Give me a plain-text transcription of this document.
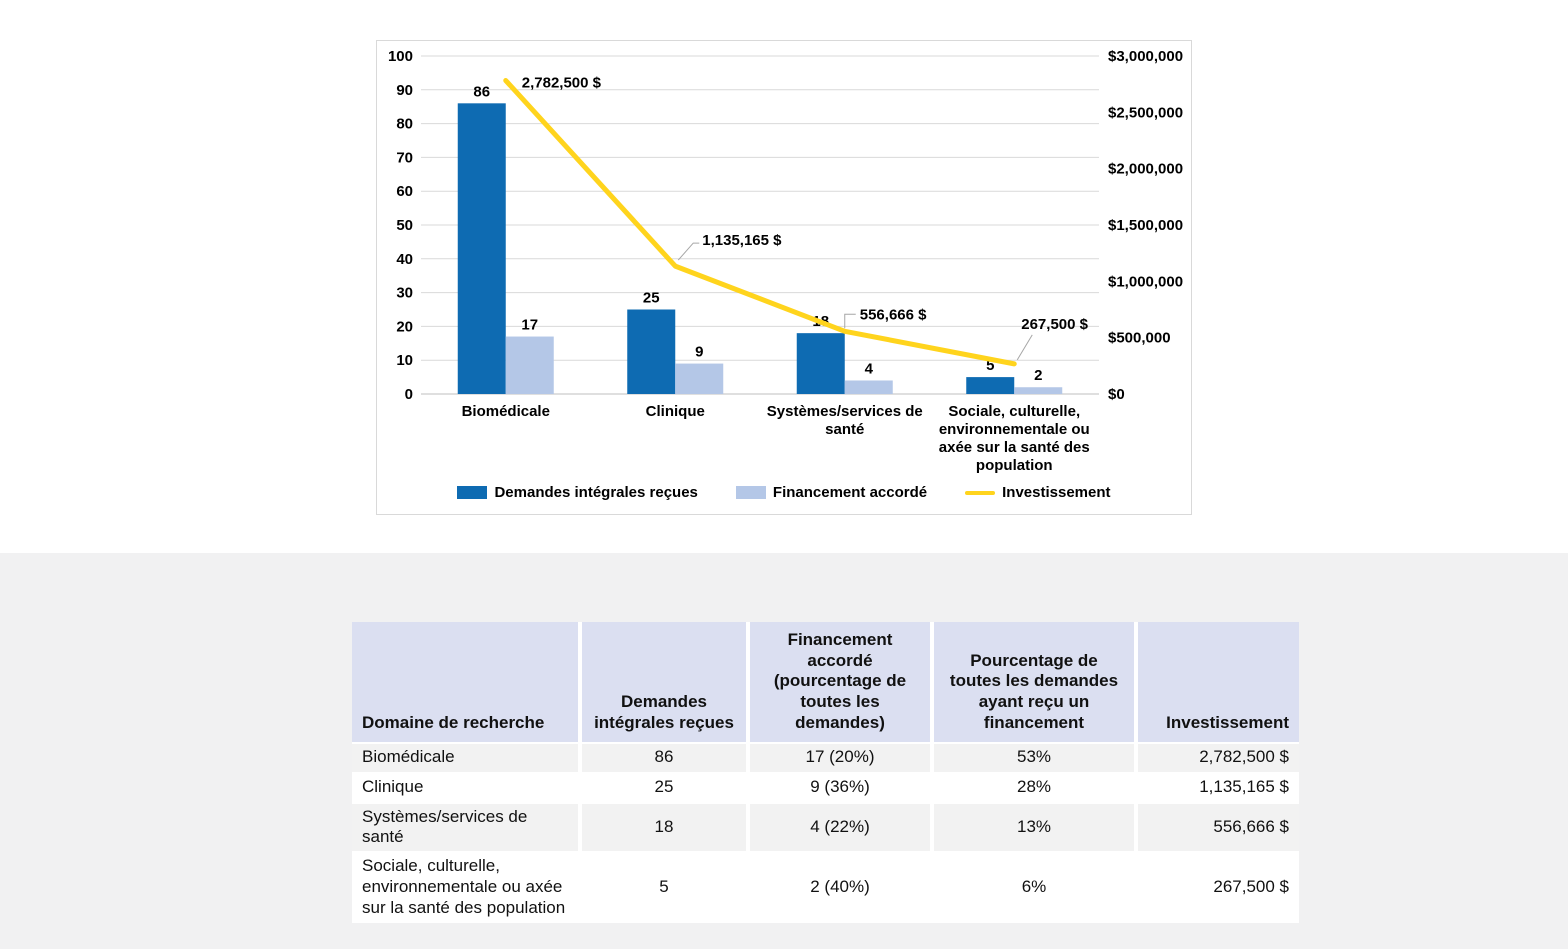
100
90
80
70
60
50
40
30
20
10
0
$3,000,000
$2,500,000
$2,000,000
$1,500,000
$1,000,000
$500,000
$0
86
25
18
5
17
9
4	2
2,782,500 $
1,135,165 $
556,666 $
267,500 $
Biomédicale	Clinique	Systèmes/services de santé
Sociale, culturelle, environnementale ou axée sur la santé des population
Demandes intégrales reçues	Financement accordé	Investissement
Domaine de recherche	Demandes intégrales reçues	Financement accordé (pourcentage de toutes les demandes)	Pourcentage de toutes les demandes ayant reçu un financement	Investissement
Biomédicale	86	17 (20%)	53%	2,782,500 $
Clinique	25	9 (36%)	28%	1,135,165 $
Systèmes/services de santé	18	4 (22%)	13%	556,666 $
Sociale, culturelle, environnementale ou axée sur la santé des population	5	2 (40%)	6%	267,500 $
